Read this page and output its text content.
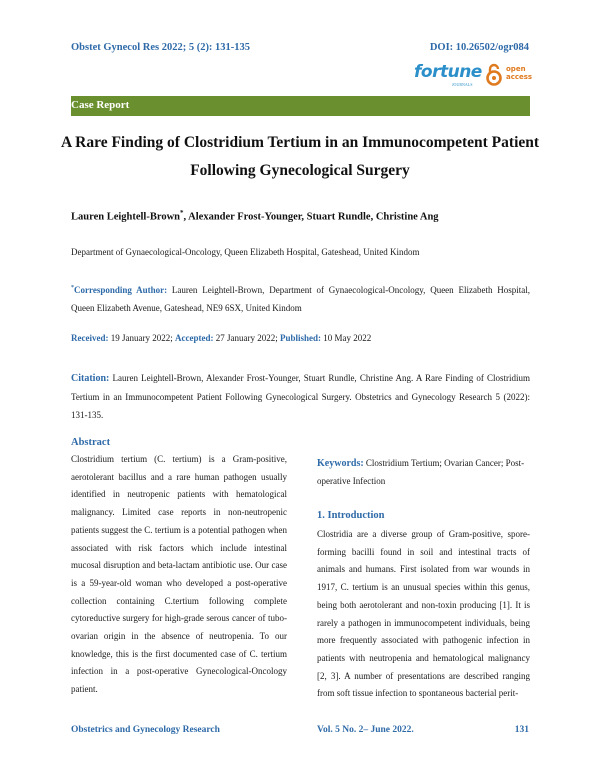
Obstet Gynecol Res 2022; 5 (2): 131-135	DOI: 10.26502/ogr084
fortune
JOURNALS
open
access
Case Report
A Rare Finding of Clostridium Tertium in an Immunocompetent Patient Following Gynecological Surgery
Lauren Leightell-Brown*, Alexander Frost-Younger, Stuart Rundle, Christine Ang
Department of Gynaecological-Oncology, Queen Elizabeth Hospital, Gateshead, United Kindom
*Corresponding Author: Lauren Leightell-Brown, Department of Gynaecological-Oncology, Queen Elizabeth Hospital, Queen Elizabeth Avenue, Gateshead, NE9 6SX, United Kindom
Received: 19 January 2022; Accepted: 27 January 2022; Published: 10 May 2022
Citation: Lauren Leightell-Brown, Alexander Frost-Younger, Stuart Rundle, Christine Ang. A Rare Finding of Clostridium Tertium in an Immunocompetent Patient Following Gynecological Surgery. Obstetrics and Gynecology Research 5 (2022): 131-135.
Abstract
Clostridium tertium (C. tertium) is a Gram-positive, aerotolerant bacillus and a rare human pathogen usually identified in neutropenic patients with hematological malignancy. Limited case reports in non-neutropenic patients suggest the C. tertium is a potential pathogen when associated with risk factors which include intestinal mucosal disruption and beta-lactam antibiotic use. Our case is a 59-year-old woman who developed a post-operative collection containing C.tertium following complete cytoreductive surgery for high-grade serous cancer of tubo-ovarian origin in the absence of neutropenia. To our knowledge, this is the first documented case of C. tertium infection in a post-operative Gynecological-Oncology patient.
Keywords: Clostridium Tertium; Ovarian Cancer; Post-operative Infection
1. Introduction
Clostridia are a diverse group of Gram-positive, spore-forming bacilli found in soil and intestinal tracts of animals and humans. First isolated from war wounds in 1917, C. tertium is an unusual species within this genus, being both aerotolerant and non-toxin producing [1]. It is rarely a pathogen in immunocompetent individuals, being more frequently associated with pathogenic infection in patients with neutropenia and hematological malignancy [2, 3]. A number of presentations are described ranging from soft tissue infection to spontaneous bacterial perit-
Obstetrics and Gynecology Research	Vol. 5 No. 2– June 2022.	131
